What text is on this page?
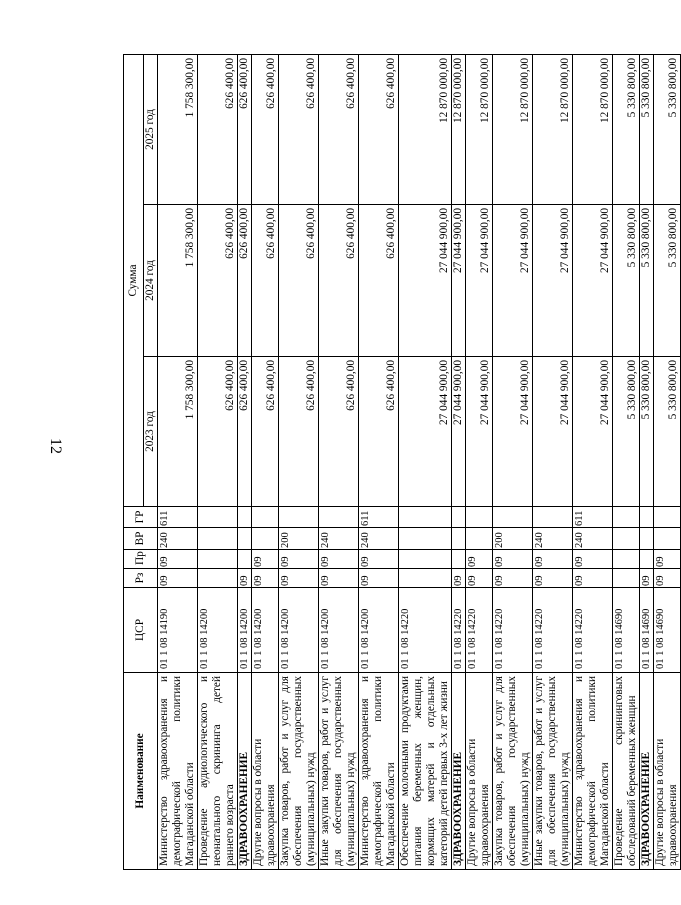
12
Наименование	ЦСР	Рз	Пр	ВР	ГР	Сумма		
						2023 год	2024 год	2025 год
Министерство здравоохранения и демографической политики Магаданской области	01 1 08 14190	09	09	240	611	1 758 300,00	1 758 300,00	1 758 300,00
Проведение аудиологического и неонатального скрининга детей раннего возраста	01 1 08 14200					626 400,00	626 400,00	626 400,00
ЗДРАВООХРАНЕНИЕ	01 1 08 14200	09				626 400,00	626 400,00	626 400,00
Другие вопросы в области здравоохранения	01 1 08 14200	09	09			626 400,00	626 400,00	626 400,00
Закупка товаров, работ и услуг для обеспечения государственных (муниципальных) нужд	01 1 08 14200	09	09	200		626 400,00	626 400,00	626 400,00
Иные закупки товаров, работ и услуг для обеспечения государственных (муниципальных) нужд	01 1 08 14200	09	09	240		626 400,00	626 400,00	626 400,00
Министерство здравоохранения и демографической политики Магаданской области	01 1 08 14200	09	09	240	611	626 400,00	626 400,00	626 400,00
Обеспечение молочными продуктами питания беременных женщин, кормящих матерей и отдельных категорий детей первых 3-х лет жизни	01 1 08 14220					27 044 900,00	27 044 900,00	12 870 000,00
ЗДРАВООХРАНЕНИЕ	01 1 08 14220	09				27 044 900,00	27 044 900,00	12 870 000,00
Другие вопросы в области здравоохранения	01 1 08 14220	09	09			27 044 900,00	27 044 900,00	12 870 000,00
Закупка товаров, работ и услуг для обеспечения государственных (муниципальных) нужд	01 1 08 14220	09	09	200		27 044 900,00	27 044 900,00	12 870 000,00
Иные закупки товаров, работ и услуг для обеспечения государственных (муниципальных) нужд	01 1 08 14220	09	09	240		27 044 900,00	27 044 900,00	12 870 000,00
Министерство здравоохранения и демографической политики Магаданской области	01 1 08 14220	09	09	240	611	27 044 900,00	27 044 900,00	12 870 000,00
Проведение скрининговых обследований беременных женщин	01 1 08 14690					5 330 800,00	5 330 800,00	5 330 800,00
ЗДРАВООХРАНЕНИЕ	01 1 08 14690	09				5 330 800,00	5 330 800,00	5 330 800,00
Другие вопросы в области здравоохранения	01 1 08 14690	09	09			5 330 800,00	5 330 800,00	5 330 800,00
